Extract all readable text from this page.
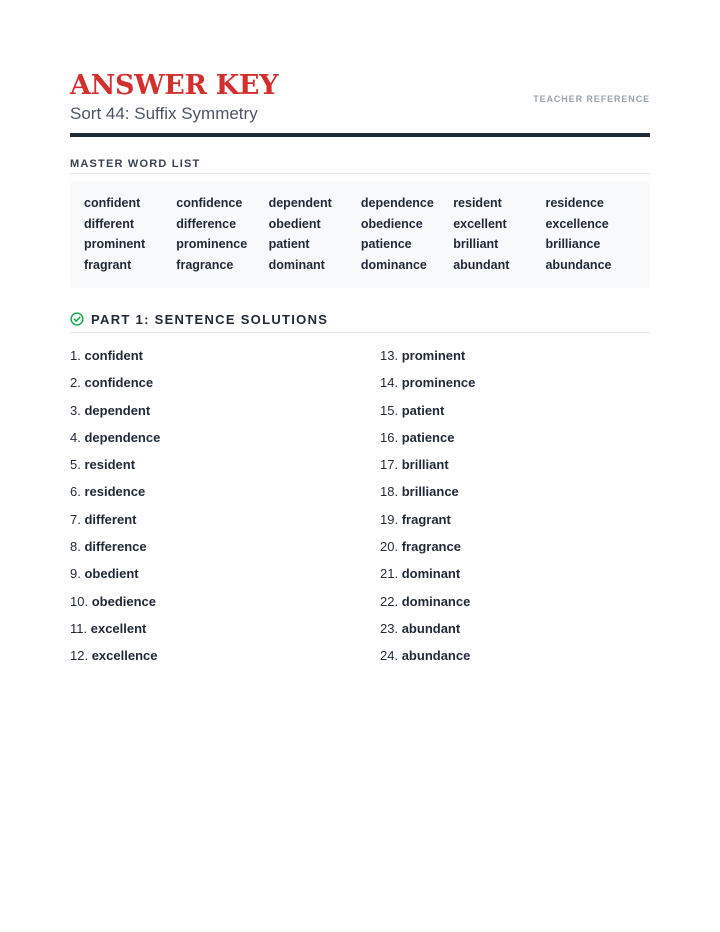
ANSWER KEY
Sort 44: Suffix Symmetry
TEACHER REFERENCE
MASTER WORD LIST
confident	confidence	dependent	dependence	resident	residence
different	difference	obedient	obedience	excellent	excellence
prominent	prominence	patient	patience	brilliant	brilliance
fragrant	fragrance	dominant	dominance	abundant	abundance
PART 1: SENTENCE SOLUTIONS
1. confident
2. confidence
3. dependent
4. dependence
5. resident
6. residence
7. different
8. difference
9. obedient
10. obedience
11. excellent
12. excellence
13. prominent
14. prominence
15. patient
16. patience
17. brilliant
18. brilliance
19. fragrant
20. fragrance
21. dominant
22. dominance
23. abundant
24. abundance
